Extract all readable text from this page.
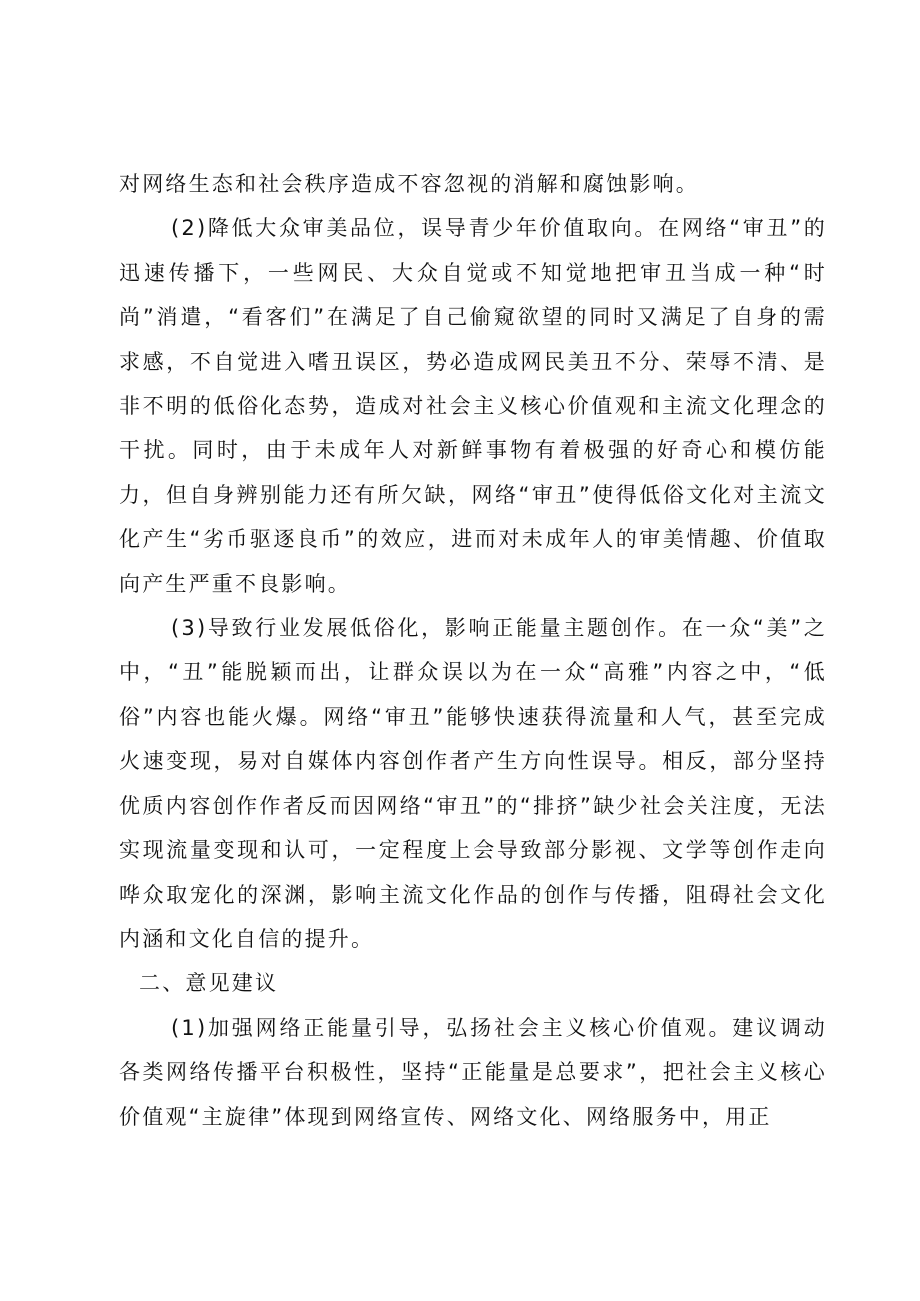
对网络生态和社会秩序造成不容忽视的消解和腐蚀影响。

(2)降低大众审美品位，误导青少年价值取向。在网络“审丑”的迅速传播下，一些网民、大众自觉或不知觉地把审丑当成一种“时尚”消遣，“看客们”在满足了自己偷窥欲望的同时又满足了自身的需求感，不自觉进入嗜丑误区，势必造成网民美丑不分、荣辱不清、是非不明的低俗化态势，造成对社会主义核心价值观和主流文化理念的干扰。同时，由于未成年人对新鲜事物有着极强的好奇心和模仿能力，但自身辨别能力还有所欠缺，网络“审丑”使得低俗文化对主流文化产生“劣币驱逐良币”的效应，进而对未成年人的审美情趣、价值取向产生严重不良影响。

(3)导致行业发展低俗化，影响正能量主题创作。在一众“美”之中，“丑”能脱颖而出，让群众误以为在一众“高雅”内容之中，“低俗”内容也能火爆。网络“审丑”能够快速获得流量和人气，甚至完成火速变现，易对自媒体内容创作者产生方向性误导。相反，部分坚持优质内容创作作者反而因网络“审丑”的“排挤”缺少社会关注度，无法实现流量变现和认可，一定程度上会导致部分影视、文学等创作走向哗众取宠化的深渊，影响主流文化作品的创作与传播，阻碍社会文化内涵和文化自信的提升。

二、意见建议

(1)加强网络正能量引导，弘扬社会主义核心价值观。建议调动各类网络传播平台积极性，坚持“正能量是总要求”，把社会主义核心价值观“主旋律”体现到网络宣传、网络文化、网络服务中，用正
